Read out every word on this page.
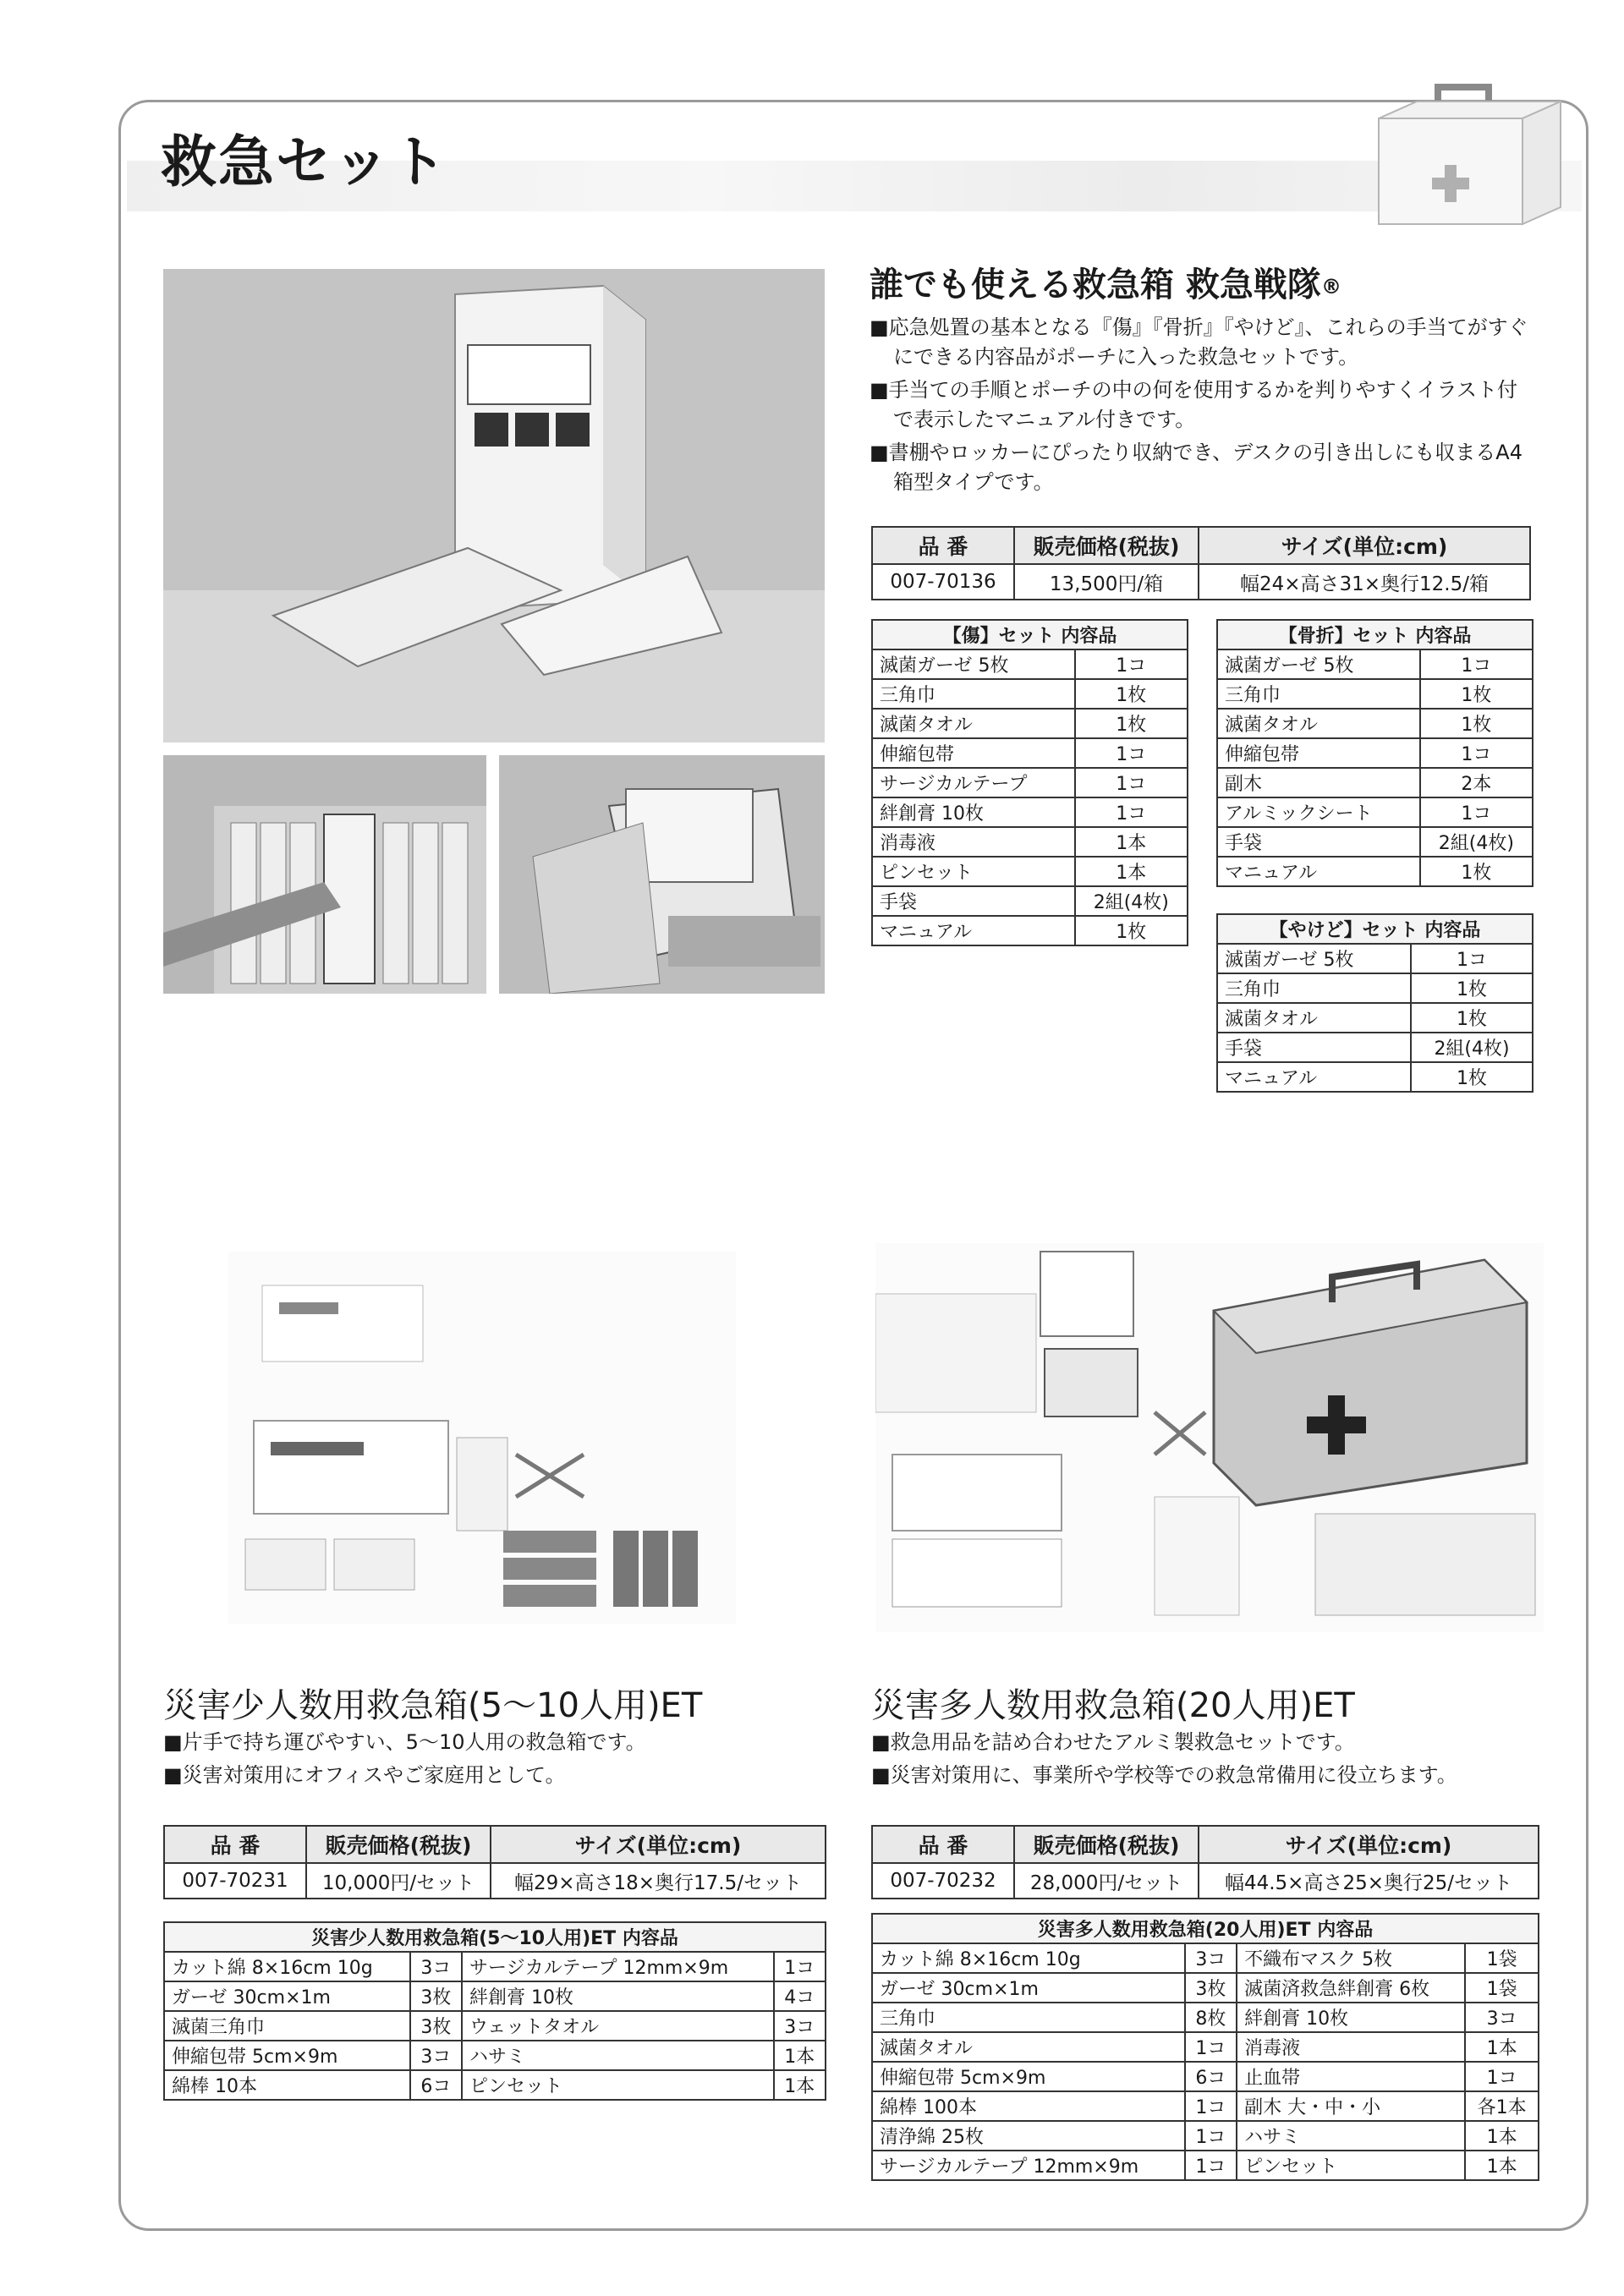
救急セット
誰でも使える救急箱 救急戦隊®

■応急処置の基本となる『傷』『骨折』『やけど』、これらの手当てがすぐにできる内容品がポーチに入った救急セットです。

■手当ての手順とポーチの中の何を使用するかを判りやすくイラスト付で表示したマニュアル付きです。

■書棚やロッカーにぴったり収納でき、デスクの引き出しにも収まるA4箱型タイプです。

品 番	販売価格(税抜)	サイズ(単位:cm)
007-70136	13,500円/箱	幅24×高さ31×奥行12.5/箱
【傷】セット 内容品	
滅菌ガーゼ 5枚	1コ
三角巾	1枚
滅菌タオル	1枚
伸縮包帯	1コ
サージカルテープ	1コ
絆創膏 10枚	1コ
消毒液	1本
ピンセット	1本
手袋	2組(4枚)
マニュアル	1枚
【骨折】セット 内容品	
滅菌ガーゼ 5枚	1コ
三角巾	1枚
滅菌タオル	1枚
伸縮包帯	1コ
副木	2本
アルミックシート	1コ
手袋	2組(4枚)
マニュアル	1枚
【やけど】セット 内容品	
滅菌ガーゼ 5枚	1コ
三角巾	1枚
滅菌タオル	1枚
手袋	2組(4枚)
マニュアル	1枚
災害少人数用救急箱(5～10人用)ET

■片手で持ち運びやすい、5～10人用の救急箱です。

■災害対策用にオフィスやご家庭用として。

品 番	販売価格(税抜)	サイズ(単位:cm)
007-70231	10,000円/セット	幅29×高さ18×奥行17.5/セット
災害少人数用救急箱(5～10人用)ET 内容品			
カット綿 8×16cm 10g	3コ	サージカルテープ 12mm×9m	1コ
ガーゼ 30cm×1m	3枚	絆創膏 10枚	4コ
滅菌三角巾	3枚	ウェットタオル	3コ
伸縮包帯 5cm×9m	3コ	ハサミ	1本
綿棒 10本	6コ	ピンセット	1本
災害多人数用救急箱(20人用)ET

■救急用品を詰め合わせたアルミ製救急セットです。

■災害対策用に、事業所や学校等での救急常備用に役立ちます。

品 番	販売価格(税抜)	サイズ(単位:cm)
007-70232	28,000円/セット	幅44.5×高さ25×奥行25/セット
災害多人数用救急箱(20人用)ET 内容品			
カット綿 8×16cm 10g	3コ	不織布マスク 5枚	1袋
ガーゼ 30cm×1m	3枚	滅菌済救急絆創膏 6枚	1袋
三角巾	8枚	絆創膏 10枚	3コ
滅菌タオル	1コ	消毒液	1本
伸縮包帯 5cm×9m	6コ	止血帯	1コ
綿棒 100本	1コ	副木 大・中・小	各1本
清浄綿 25枚	1コ	ハサミ	1本
サージカルテープ 12mm×9m	1コ	ピンセット	1本
